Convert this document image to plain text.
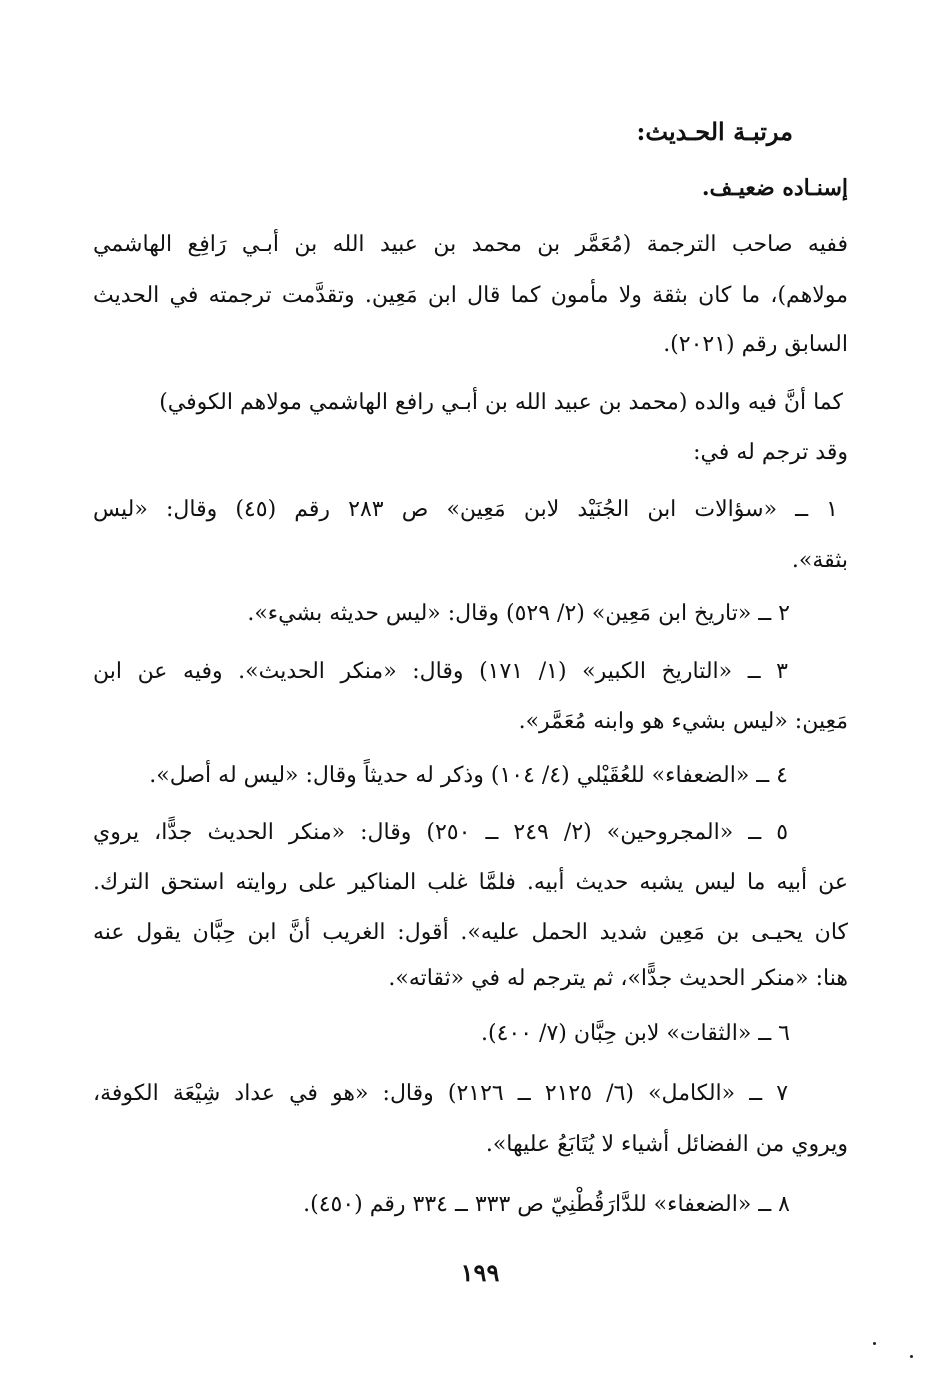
مرتبـة الحـديث:
إسنـاده ضعيـف.
ففيه صاحب الترجمة (مُعَمَّر بن محمد بن عبيد الله بن أبـي رَافِع الهاشمي
مولاهم)، ما كان بثقة ولا مأمون كما قال ابن مَعِين. وتقدَّمت ترجمته في الحديث
السابق رقم (٢٠٢١).
كما أنَّ فيه والده (محمد بن عبيد الله بن أبـي رافع الهاشمي مولاهم الكوفي)
وقد ترجم له في:
١ ــ «سؤالات ابن الجُنَيْد لابن مَعِين» ص ٢٨٣ رقم (٤٥) وقال: «ليس
بثقة».
٢ ــ «تاريخ ابن مَعِين» (٢/ ٥٢٩) وقال: «ليس حديثه بشيء».
٣ ــ «التاريخ الكبير» (١/ ١٧١) وقال: «منكر الحديث». وفيه عن ابن
مَعِين: «ليس بشيء هو وابنه مُعَمَّر».
٤ ــ «الضعفاء» للعُقَيْلي (٤/ ١٠٤) وذكر له حديثاً وقال: «ليس له أصل».
٥ ــ «المجروحين» (٢/ ٢٤٩ ــ ٢٥٠) وقال: «منكر الحديث جدًّا، يروي
عن أبيه ما ليس يشبه حديث أبيه. فلمَّا غلب المناكير على روايته استحق الترك.
كان يحيـى بن مَعِين شديد الحمل عليه». أقول: الغريب أنَّ ابن حِبَّان يقول عنه
هنا: «منكر الحديث جدًّا»، ثم يترجم له في «ثقاته».
٦ ــ «الثقات» لابن حِبَّان (٧/ ٤٠٠).
٧ ــ «الكامل» (٦/ ٢١٢٥ ــ ٢١٢٦) وقال: «هو في عداد شِيْعَة الكوفة،
ويروي من الفضائل أشياء لا يُتَابَعُ عليها».
٨ ــ «الضعفاء» للدَّارَقُطْنِيّ ص ٣٣٣ ــ ٣٣٤ رقم (٤٥٠).
١٩٩
